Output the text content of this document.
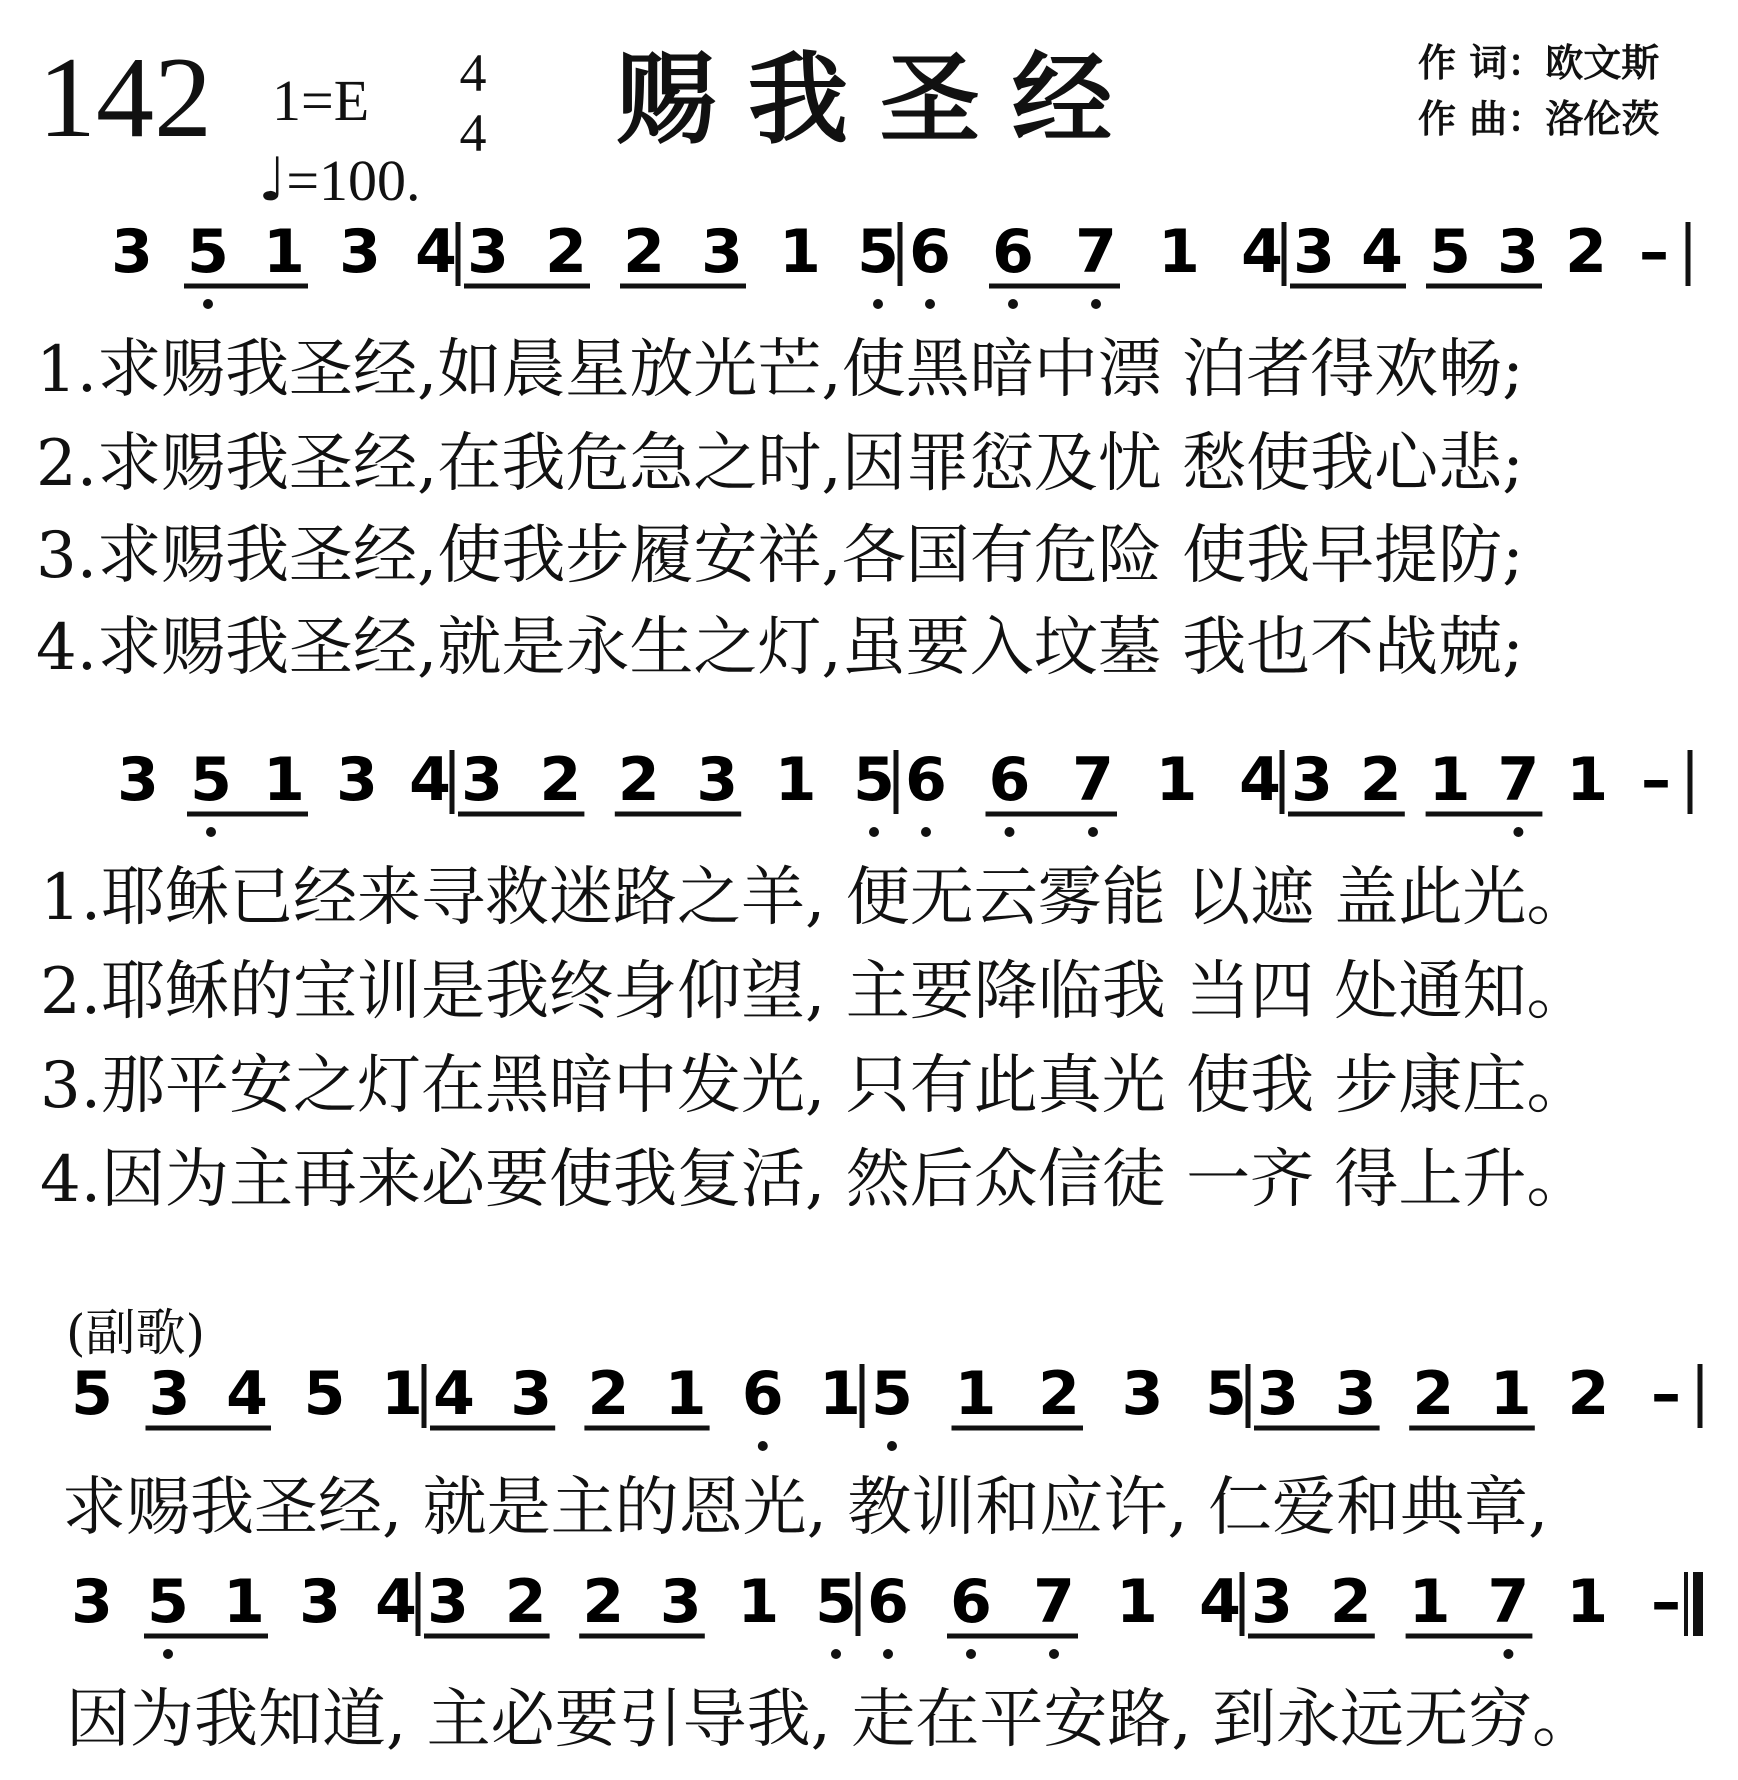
142 1=E 4
4
♩=100.
赐我圣经	作 词：欧文斯
作 曲：洛伦茨
1.求赐我圣经,如晨星放光芒,使黑暗中漂 泊者得欢畅;
2.求赐我圣经,在我危急之时,因罪愆及忧 愁使我心悲;
3.求赐我圣经,使我步履安祥,各国有危险 使我早提防;
4.求赐我圣经,就是永生之灯,虽要入坟墓 我也不战兢;
1.耶稣已经来寻救迷路之羊, 便无云雾能 以遮 盖此光。
2.耶稣的宝训是我终身仰望, 主要降临我 当四 处通知。
3.那平安之灯在黑暗中发光, 只有此真光 使我 步康庄。
4.因为主再来必要使我复活, 然后众信徒 一齐 得上升。
(副歌)
求赐我圣经, 就是主的恩光, 教训和应许, 仁爱和典章,
因为我知道, 主必要引导我, 走在平安路, 到永远无穷。
3 5 1 3 4 3 2 2 3 1 5 6 6 7 1 4 3 4 5 3 2 –
3 5 1 3 4 3 2 2 3 1 5 6 6 7 1 4 3 2 1 7 1 –
5 3 4 5 1 4 3 2 1 6 1 5 1 2 3 5 3 3 2 1 2 –
3 5 1 3 4 3 2 2 3 1 5 6 6 7 1 4 3 2 1 7 1 –
